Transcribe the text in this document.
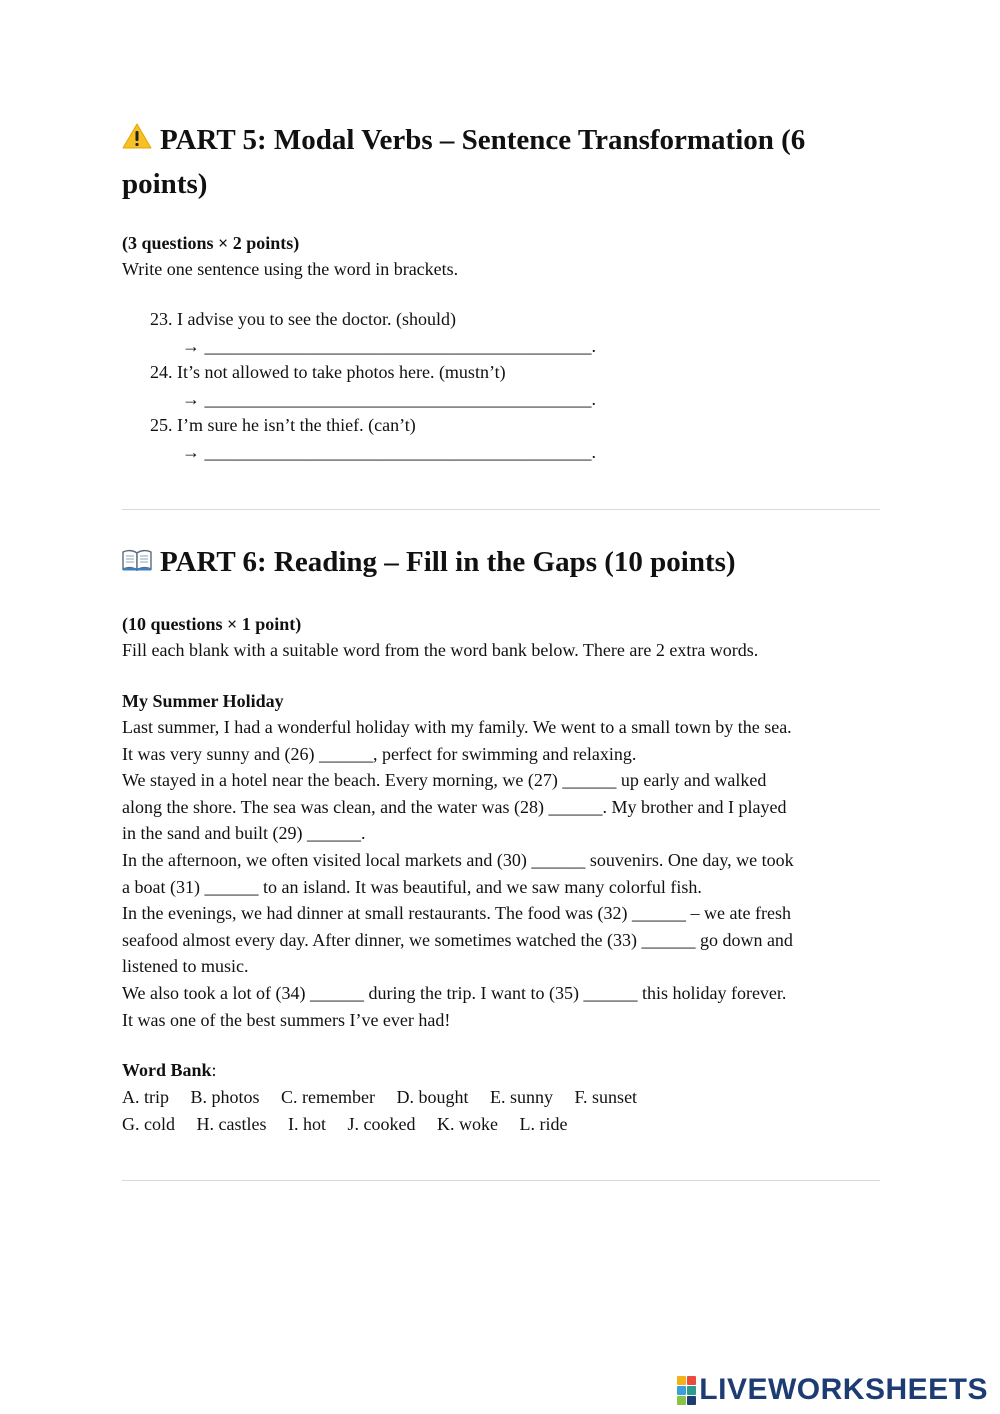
PART 5: Modal Verbs – Sentence Transformation (6 points)

(3 questions × 2 points)

Write one sentence using the word in brackets.

23. I advise you to see the doctor. (should)
→ ___________________________________________.
24. It’s not allowed to take photos here. (mustn’t)
→ ___________________________________________.
25. I’m sure he isn’t the thief. (can’t)
→ ___________________________________________.
PART 6: Reading – Fill in the Gaps (10 points)

(10 questions × 1 point)

Fill each blank with a suitable word from the word bank below. There are 2 extra words.

My Summer Holiday

Last summer, I had a wonderful holiday with my family. We went to a small town by the sea.
It was very sunny and (26) ______, perfect for swimming and relaxing.
We stayed in a hotel near the beach. Every morning, we (27) ______ up early and walked
along the shore. The sea was clean, and the water was (28) ______. My brother and I played
in the sand and built (29) ______.
In the afternoon, we often visited local markets and (30) ______ souvenirs. One day, we took
a boat (31) ______ to an island. It was beautiful, and we saw many colorful fish.
In the evenings, we had dinner at small restaurants. The food was (32) ______ – we ate fresh
seafood almost every day. After dinner, we sometimes watched the (33) ______ go down and
listened to music.
We also took a lot of (34) ______ during the trip. I want to (35) ______ this holiday forever.
It was one of the best summers I’ve ever had!
Word Bank:
A. trip B. photos C. remember D. bought E. sunny F. sunset
G. cold H. castles I. hot J. cooked K. woke L. ride
LIVEWORKSHEETS
